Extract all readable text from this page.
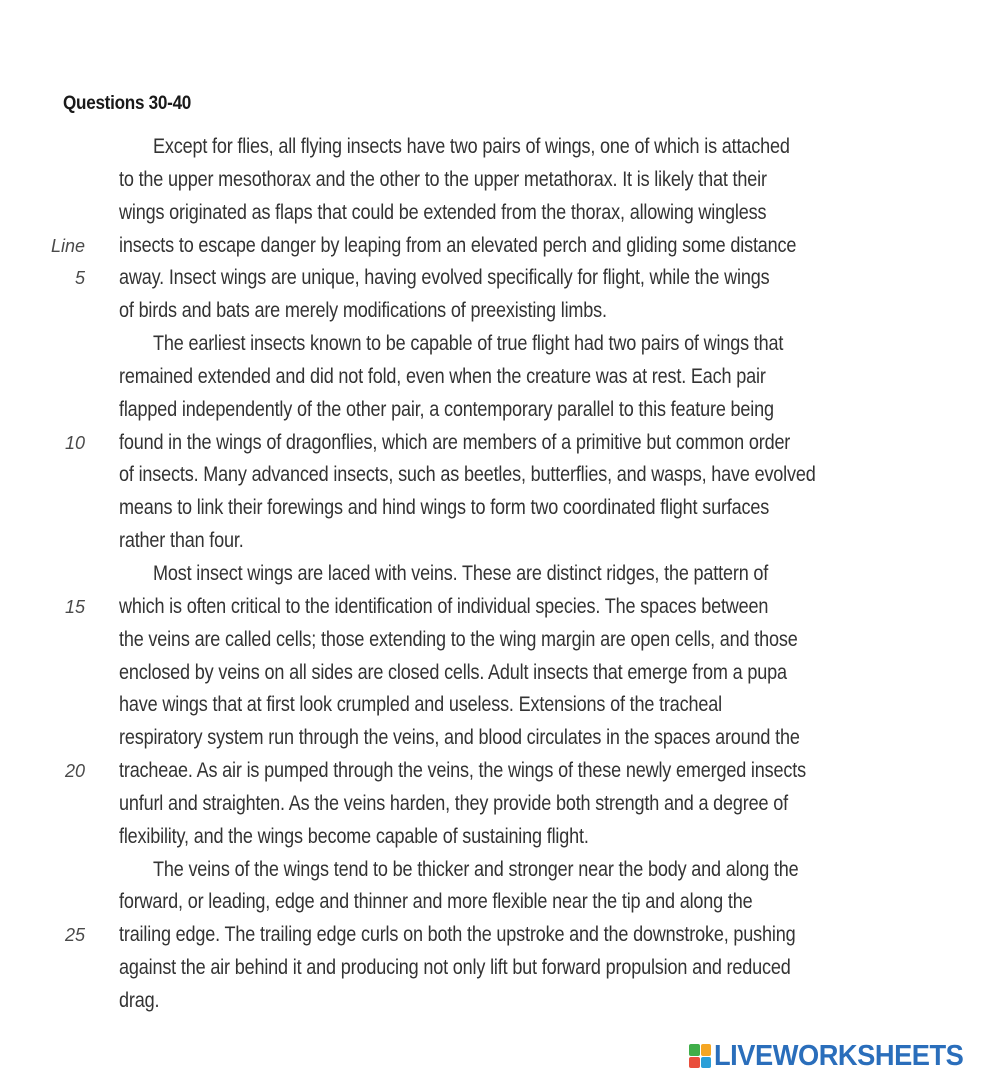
Questions 30-40
Except for flies, all flying insects have two pairs of wings, one of which is attached
to the upper mesothorax and the other to the upper metathorax. It is likely that their
wings originated as flaps that could be extended from the thorax, allowing wingless
Line insects to escape danger by leaping from an elevated perch and gliding some distance
5 away. Insect wings are unique, having evolved specifically for flight, while the wings
of birds and bats are merely modifications of preexisting limbs.
The earliest insects known to be capable of true flight had two pairs of wings that
remained extended and did not fold, even when the creature was at rest. Each pair
flapped independently of the other pair, a contemporary parallel to this feature being
10 found in the wings of dragonflies, which are members of a primitive but common order
of insects. Many advanced insects, such as beetles, butterflies, and wasps, have evolved
means to link their forewings and hind wings to form two coordinated flight surfaces
rather than four.
Most insect wings are laced with veins. These are distinct ridges, the pattern of
15 which is often critical to the identification of individual species. The spaces between
the veins are called cells; those extending to the wing margin are open cells, and those
enclosed by veins on all sides are closed cells. Adult insects that emerge from a pupa
have wings that at first look crumpled and useless. Extensions of the tracheal
respiratory system run through the veins, and blood circulates in the spaces around the
20 tracheae. As air is pumped through the veins, the wings of these newly emerged insects
unfurl and straighten. As the veins harden, they provide both strength and a degree of
flexibility, and the wings become capable of sustaining flight.
The veins of the wings tend to be thicker and stronger near the body and along the
forward, or leading, edge and thinner and more flexible near the tip and along the
25 trailing edge. The trailing edge curls on both the upstroke and the downstroke, pushing
against the air behind it and producing not only lift but forward propulsion and reduced
drag.
LIVEWORKSHEETS
